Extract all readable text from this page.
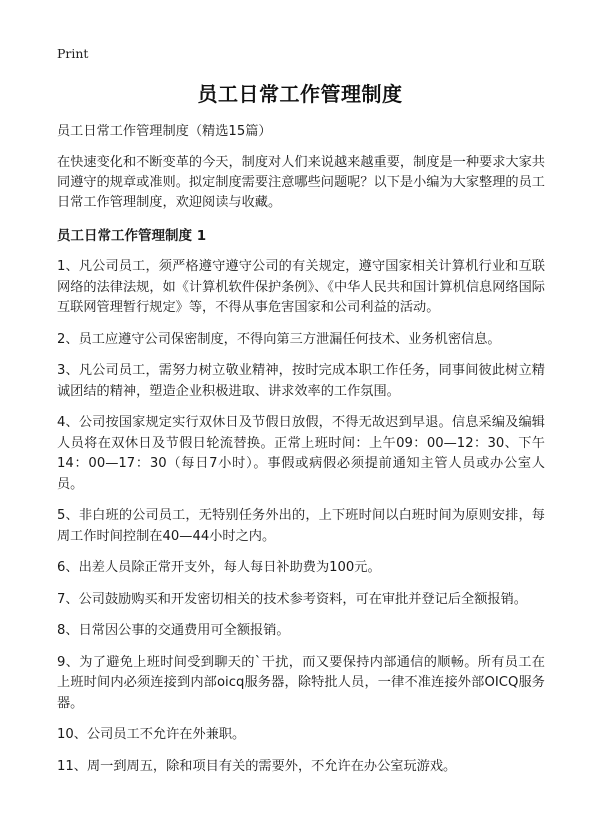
Print
员工日常工作管理制度

员工日常工作管理制度（精选15篇）

在快速变化和不断变革的今天，制度对人们来说越来越重要，制度是一种要求大家共同遵守的规章或准则。拟定制度需要注意哪些问题呢？以下是小编为大家整理的员工日常工作管理制度，欢迎阅读与收藏。

员工日常工作管理制度 1

1、凡公司员工，须严格遵守遵守公司的有关规定，遵守国家相关计算机行业和互联网络的法律法规，如《计算机软件保护条例》、《中华人民共和国计算机信息网络国际互联网管理暂行规定》等，不得从事危害国家和公司利益的活动。
2、员工应遵守公司保密制度，不得向第三方泄漏任何技术、业务机密信息。
3、凡公司员工，需努力树立敬业精神，按时完成本职工作任务，同事间彼此树立精诚团结的精神，塑造企业积极进取、讲求效率的工作氛围。
4、公司按国家规定实行双休日及节假日放假，不得无故迟到早退。信息采编及编辑人员将在双休日及节假日轮流替换。正常上班时间：上午09：00—12：30、下午14：00—17：30（每日7小时）。事假或病假必须提前通知主管人员或办公室人员。
5、非白班的公司员工，无特别任务外出的，上下班时间以白班时间为原则安排，每周工作时间控制在40—44小时之内。
6、出差人员除正常开支外，每人每日补助费为100元。
7、公司鼓励购买和开发密切相关的技术参考资料，可在审批并登记后全额报销。
8、日常因公事的交通费用可全额报销。
9、为了避免上班时间受到聊天的`干扰，而又要保持内部通信的顺畅。所有员工在上班时间内必须连接到内部oicq服务器，除特批人员，一律不准连接外部OICQ服务器。
10、公司员工不允许在外兼职。
11、周一到周五，除和项目有关的需要外，不允许在办公室玩游戏。
